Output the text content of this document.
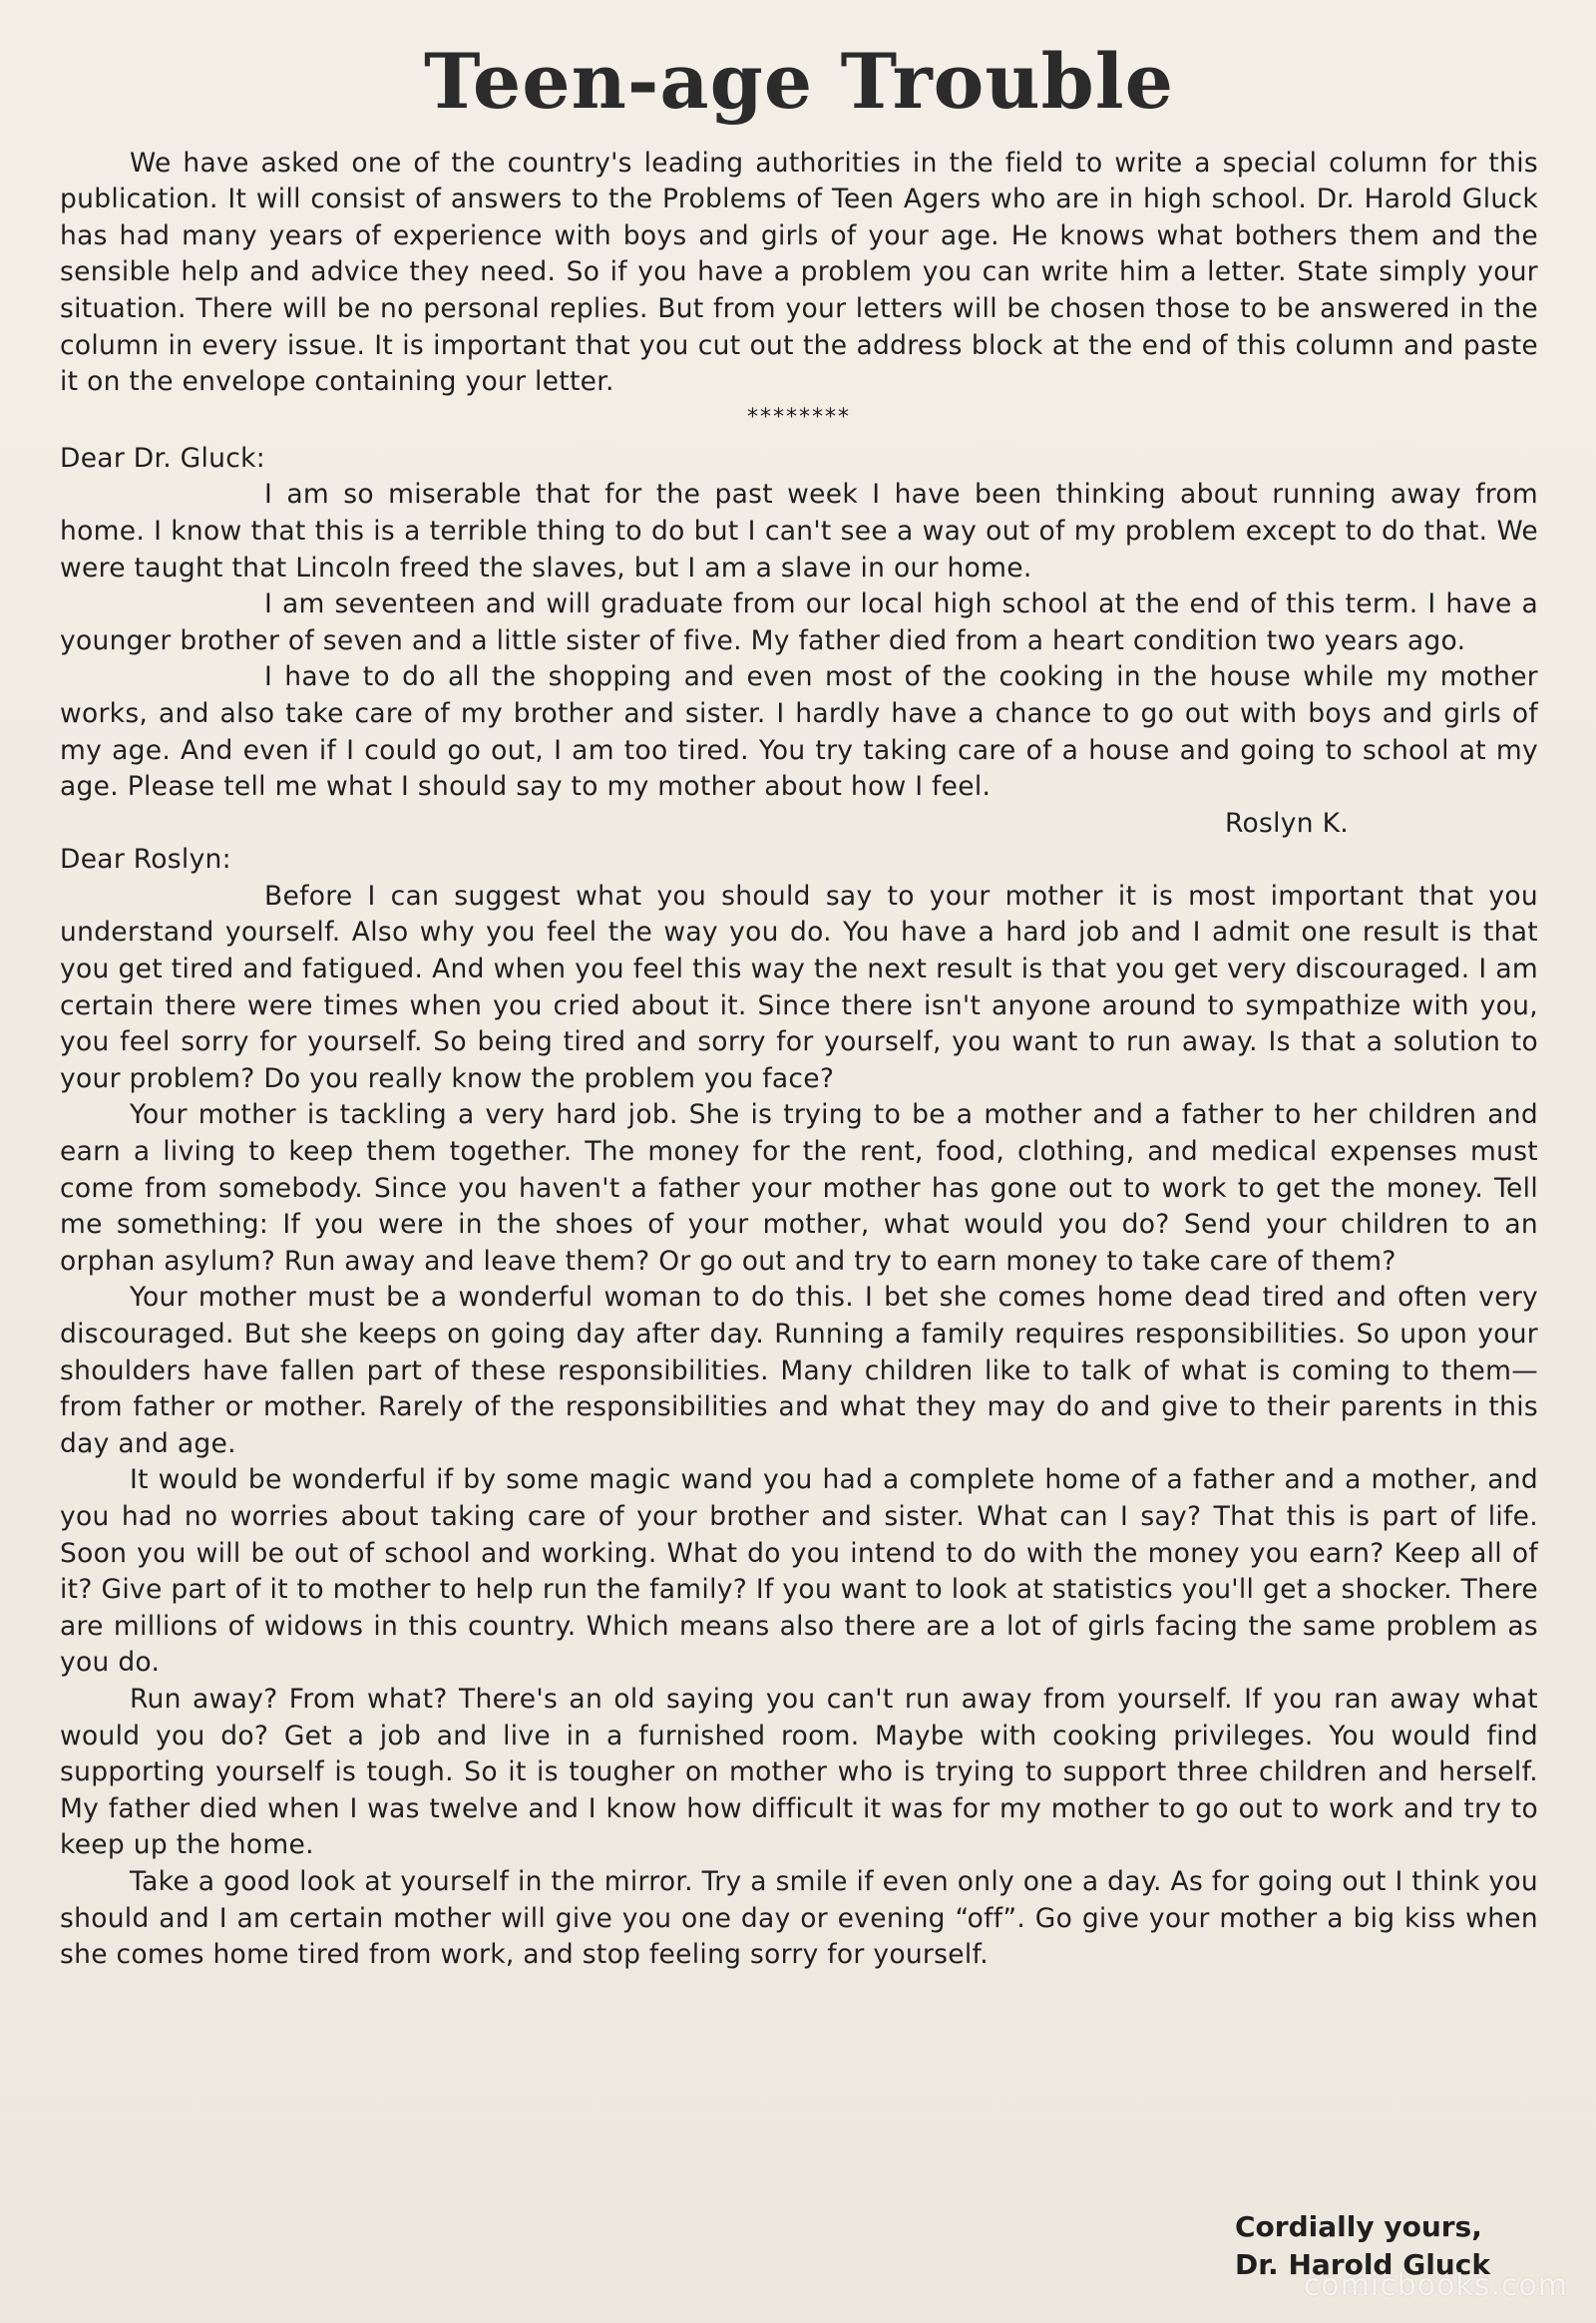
Teen-age Trouble

We have asked one of the country's leading authorities in the field to write a special column for this publication. It will consist of answers to the Problems of Teen Agers who are in high school. Dr. Harold Gluck has had many years of experience with boys and girls of your age. He knows what bothers them and the sensible help and advice they need. So if you have a problem you can write him a letter. State simply your situation. There will be no personal replies. But from your letters will be chosen those to be answered in the column in every issue. It is important that you cut out the address block at the end of this column and paste it on the envelope containing your letter.

********

Dear Dr. Gluck:

I am so miserable that for the past week I have been thinking about running away from home. I know that this is a terrible thing to do but I can't see a way out of my problem except to do that. We were taught that Lincoln freed the slaves, but I am a slave in our home.

I am seventeen and will graduate from our local high school at the end of this term. I have a younger brother of seven and a little sister of five. My father died from a heart condition two years ago.

I have to do all the shopping and even most of the cooking in the house while my mother works, and also take care of my brother and sister. I hardly have a chance to go out with boys and girls of my age. And even if I could go out, I am too tired. You try taking care of a house and going to school at my age. Please tell me what I should say to my mother about how I feel.

Roslyn K.

Dear Roslyn:

Before I can suggest what you should say to your mother it is most important that you understand yourself. Also why you feel the way you do. You have a hard job and I admit one result is that you get tired and fatigued. And when you feel this way the next result is that you get very discouraged. I am certain there were times when you cried about it. Since there isn't anyone around to sympathize with you, you feel sorry for yourself. So being tired and sorry for yourself, you want to run away. Is that a solution to your problem? Do you really know the problem you face?

Your mother is tackling a very hard job. She is trying to be a mother and a father to her children and earn a living to keep them together. The money for the rent, food, clothing, and medical expenses must come from somebody. Since you haven't a father your mother has gone out to work to get the money. Tell me something: If you were in the shoes of your mother, what would you do? Send your children to an orphan asylum? Run away and leave them? Or go out and try to earn money to take care of them?

Your mother must be a wonderful woman to do this. I bet she comes home dead tired and often very discouraged. But she keeps on going day after day. Running a family requires responsibilities. So upon your shoulders have fallen part of these responsibilities. Many children like to talk of what is coming to them—from father or mother. Rarely of the responsibilities and what they may do and give to their parents in this day and age.

It would be wonderful if by some magic wand you had a complete home of a father and a mother, and you had no worries about taking care of your brother and sister. What can I say? That this is part of life. Soon you will be out of school and working. What do you intend to do with the money you earn? Keep all of it? Give part of it to mother to help run the family? If you want to look at statistics you'll get a shocker. There are millions of widows in this country. Which means also there are a lot of girls facing the same problem as you do.

Run away? From what? There's an old saying you can't run away from yourself. If you ran away what would you do? Get a job and live in a furnished room. Maybe with cooking privileges. You would find supporting yourself is tough. So it is tougher on mother who is trying to support three children and herself. My father died when I was twelve and I know how difficult it was for my mother to go out to work and try to keep up the home.

Take a good look at yourself in the mirror. Try a smile if even only one a day. As for going out I think you should and I am certain mother will give you one day or evening “off”. Go give your mother a big kiss when she comes home tired from work, and stop feeling sorry for yourself.

Cordially yours,
Dr. Harold Gluck
comicbooks.com
